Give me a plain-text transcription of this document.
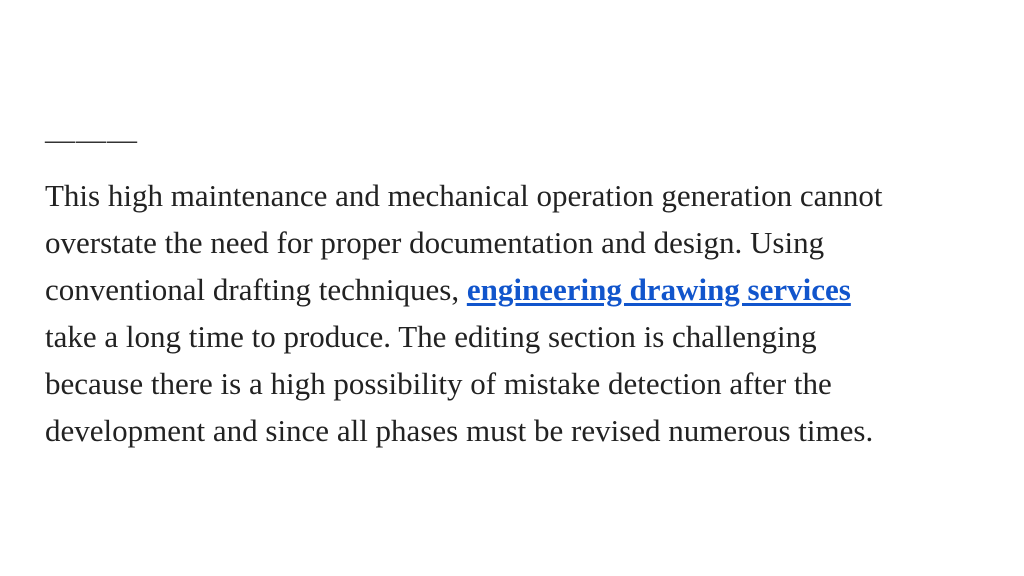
———

This high maintenance and mechanical operation generation cannot
overstate the need for proper documentation and design. Using
conventional drafting techniques, engineering drawing services
take a long time to produce. The editing section is challenging
because there is a high possibility of mistake detection after the
development and since all phases must be revised numerous times.
